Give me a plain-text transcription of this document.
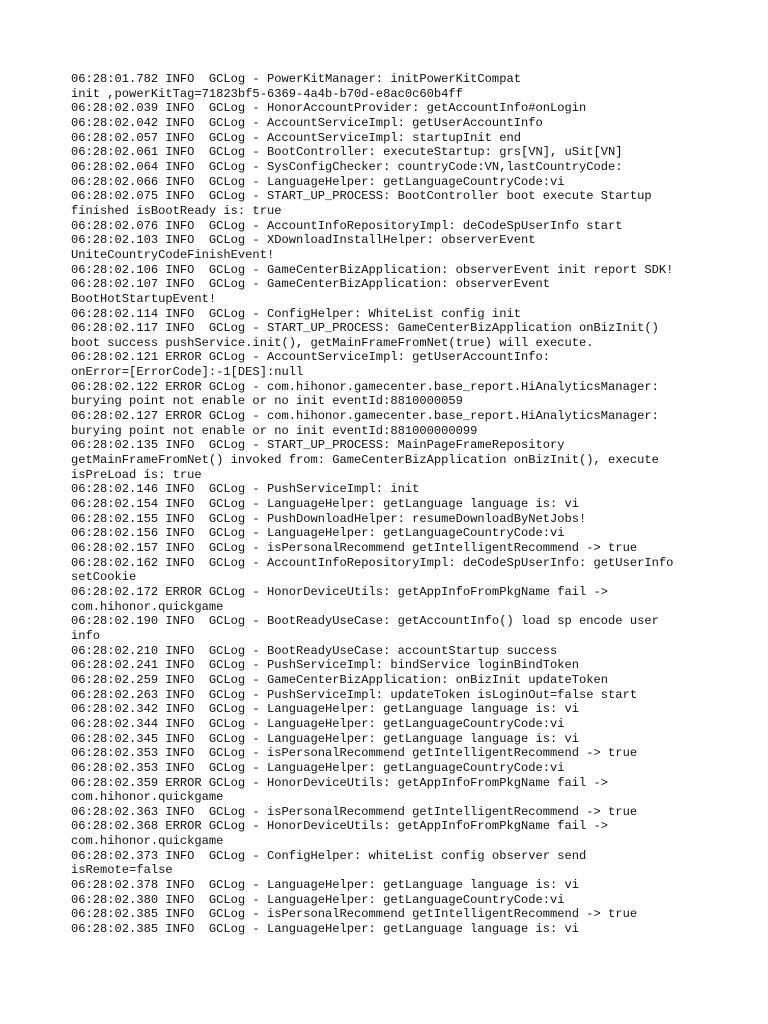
06:28:01.782 INFO  GCLog - PowerKitManager: initPowerKitCompat
init ,powerKitTag=71823bf5-6369-4a4b-b70d-e8ac0c60b4ff
06:28:02.039 INFO  GCLog - HonorAccountProvider: getAccountInfo#onLogin
06:28:02.042 INFO  GCLog - AccountServiceImpl: getUserAccountInfo
06:28:02.057 INFO  GCLog - AccountServiceImpl: startupInit end
06:28:02.061 INFO  GCLog - BootController: executeStartup: grs[VN], uSit[VN]
06:28:02.064 INFO  GCLog - SysConfigChecker: countryCode:VN,lastCountryCode:
06:28:02.066 INFO  GCLog - LanguageHelper: getLanguageCountryCode:vi
06:28:02.075 INFO  GCLog - START_UP_PROCESS: BootController boot execute Startup
finished isBootReady is: true
06:28:02.076 INFO  GCLog - AccountInfoRepositoryImpl: deCodeSpUserInfo start
06:28:02.103 INFO  GCLog - XDownloadInstallHelper: observerEvent
UniteCountryCodeFinishEvent!
06:28:02.106 INFO  GCLog - GameCenterBizApplication: observerEvent init report SDK!
06:28:02.107 INFO  GCLog - GameCenterBizApplication: observerEvent
BootHotStartupEvent!
06:28:02.114 INFO  GCLog - ConfigHelper: WhiteList config init
06:28:02.117 INFO  GCLog - START_UP_PROCESS: GameCenterBizApplication onBizInit()
boot success pushService.init(), getMainFrameFromNet(true) will execute.
06:28:02.121 ERROR GCLog - AccountServiceImpl: getUserAccountInfo:
onError=[ErrorCode]:-1[DES]:null
06:28:02.122 ERROR GCLog - com.hihonor.gamecenter.base_report.HiAnalyticsManager:
burying point not enable or no init eventId:8810000059
06:28:02.127 ERROR GCLog - com.hihonor.gamecenter.base_report.HiAnalyticsManager:
burying point not enable or no init eventId:881000000099
06:28:02.135 INFO  GCLog - START_UP_PROCESS: MainPageFrameRepository
getMainFrameFromNet() invoked from: GameCenterBizApplication onBizInit(), execute
isPreLoad is: true
06:28:02.146 INFO  GCLog - PushServiceImpl: init
06:28:02.154 INFO  GCLog - LanguageHelper: getLanguage language is: vi
06:28:02.155 INFO  GCLog - PushDownloadHelper: resumeDownloadByNetJobs!
06:28:02.156 INFO  GCLog - LanguageHelper: getLanguageCountryCode:vi
06:28:02.157 INFO  GCLog - isPersonalRecommend getIntelligentRecommend -> true
06:28:02.162 INFO  GCLog - AccountInfoRepositoryImpl: deCodeSpUserInfo: getUserInfo
setCookie
06:28:02.172 ERROR GCLog - HonorDeviceUtils: getAppInfoFromPkgName fail ->
com.hihonor.quickgame
06:28:02.190 INFO  GCLog - BootReadyUseCase: getAccountInfo() load sp encode user
info
06:28:02.210 INFO  GCLog - BootReadyUseCase: accountStartup success
06:28:02.241 INFO  GCLog - PushServiceImpl: bindService loginBindToken
06:28:02.259 INFO  GCLog - GameCenterBizApplication: onBizInit updateToken
06:28:02.263 INFO  GCLog - PushServiceImpl: updateToken isLoginOut=false start
06:28:02.342 INFO  GCLog - LanguageHelper: getLanguage language is: vi
06:28:02.344 INFO  GCLog - LanguageHelper: getLanguageCountryCode:vi
06:28:02.345 INFO  GCLog - LanguageHelper: getLanguage language is: vi
06:28:02.353 INFO  GCLog - isPersonalRecommend getIntelligentRecommend -> true
06:28:02.353 INFO  GCLog - LanguageHelper: getLanguageCountryCode:vi
06:28:02.359 ERROR GCLog - HonorDeviceUtils: getAppInfoFromPkgName fail ->
com.hihonor.quickgame
06:28:02.363 INFO  GCLog - isPersonalRecommend getIntelligentRecommend -> true
06:28:02.368 ERROR GCLog - HonorDeviceUtils: getAppInfoFromPkgName fail ->
com.hihonor.quickgame
06:28:02.373 INFO  GCLog - ConfigHelper: whiteList config observer send
isRemote=false
06:28:02.378 INFO  GCLog - LanguageHelper: getLanguage language is: vi
06:28:02.380 INFO  GCLog - LanguageHelper: getLanguageCountryCode:vi
06:28:02.385 INFO  GCLog - isPersonalRecommend getIntelligentRecommend -> true
06:28:02.385 INFO  GCLog - LanguageHelper: getLanguage language is: vi
